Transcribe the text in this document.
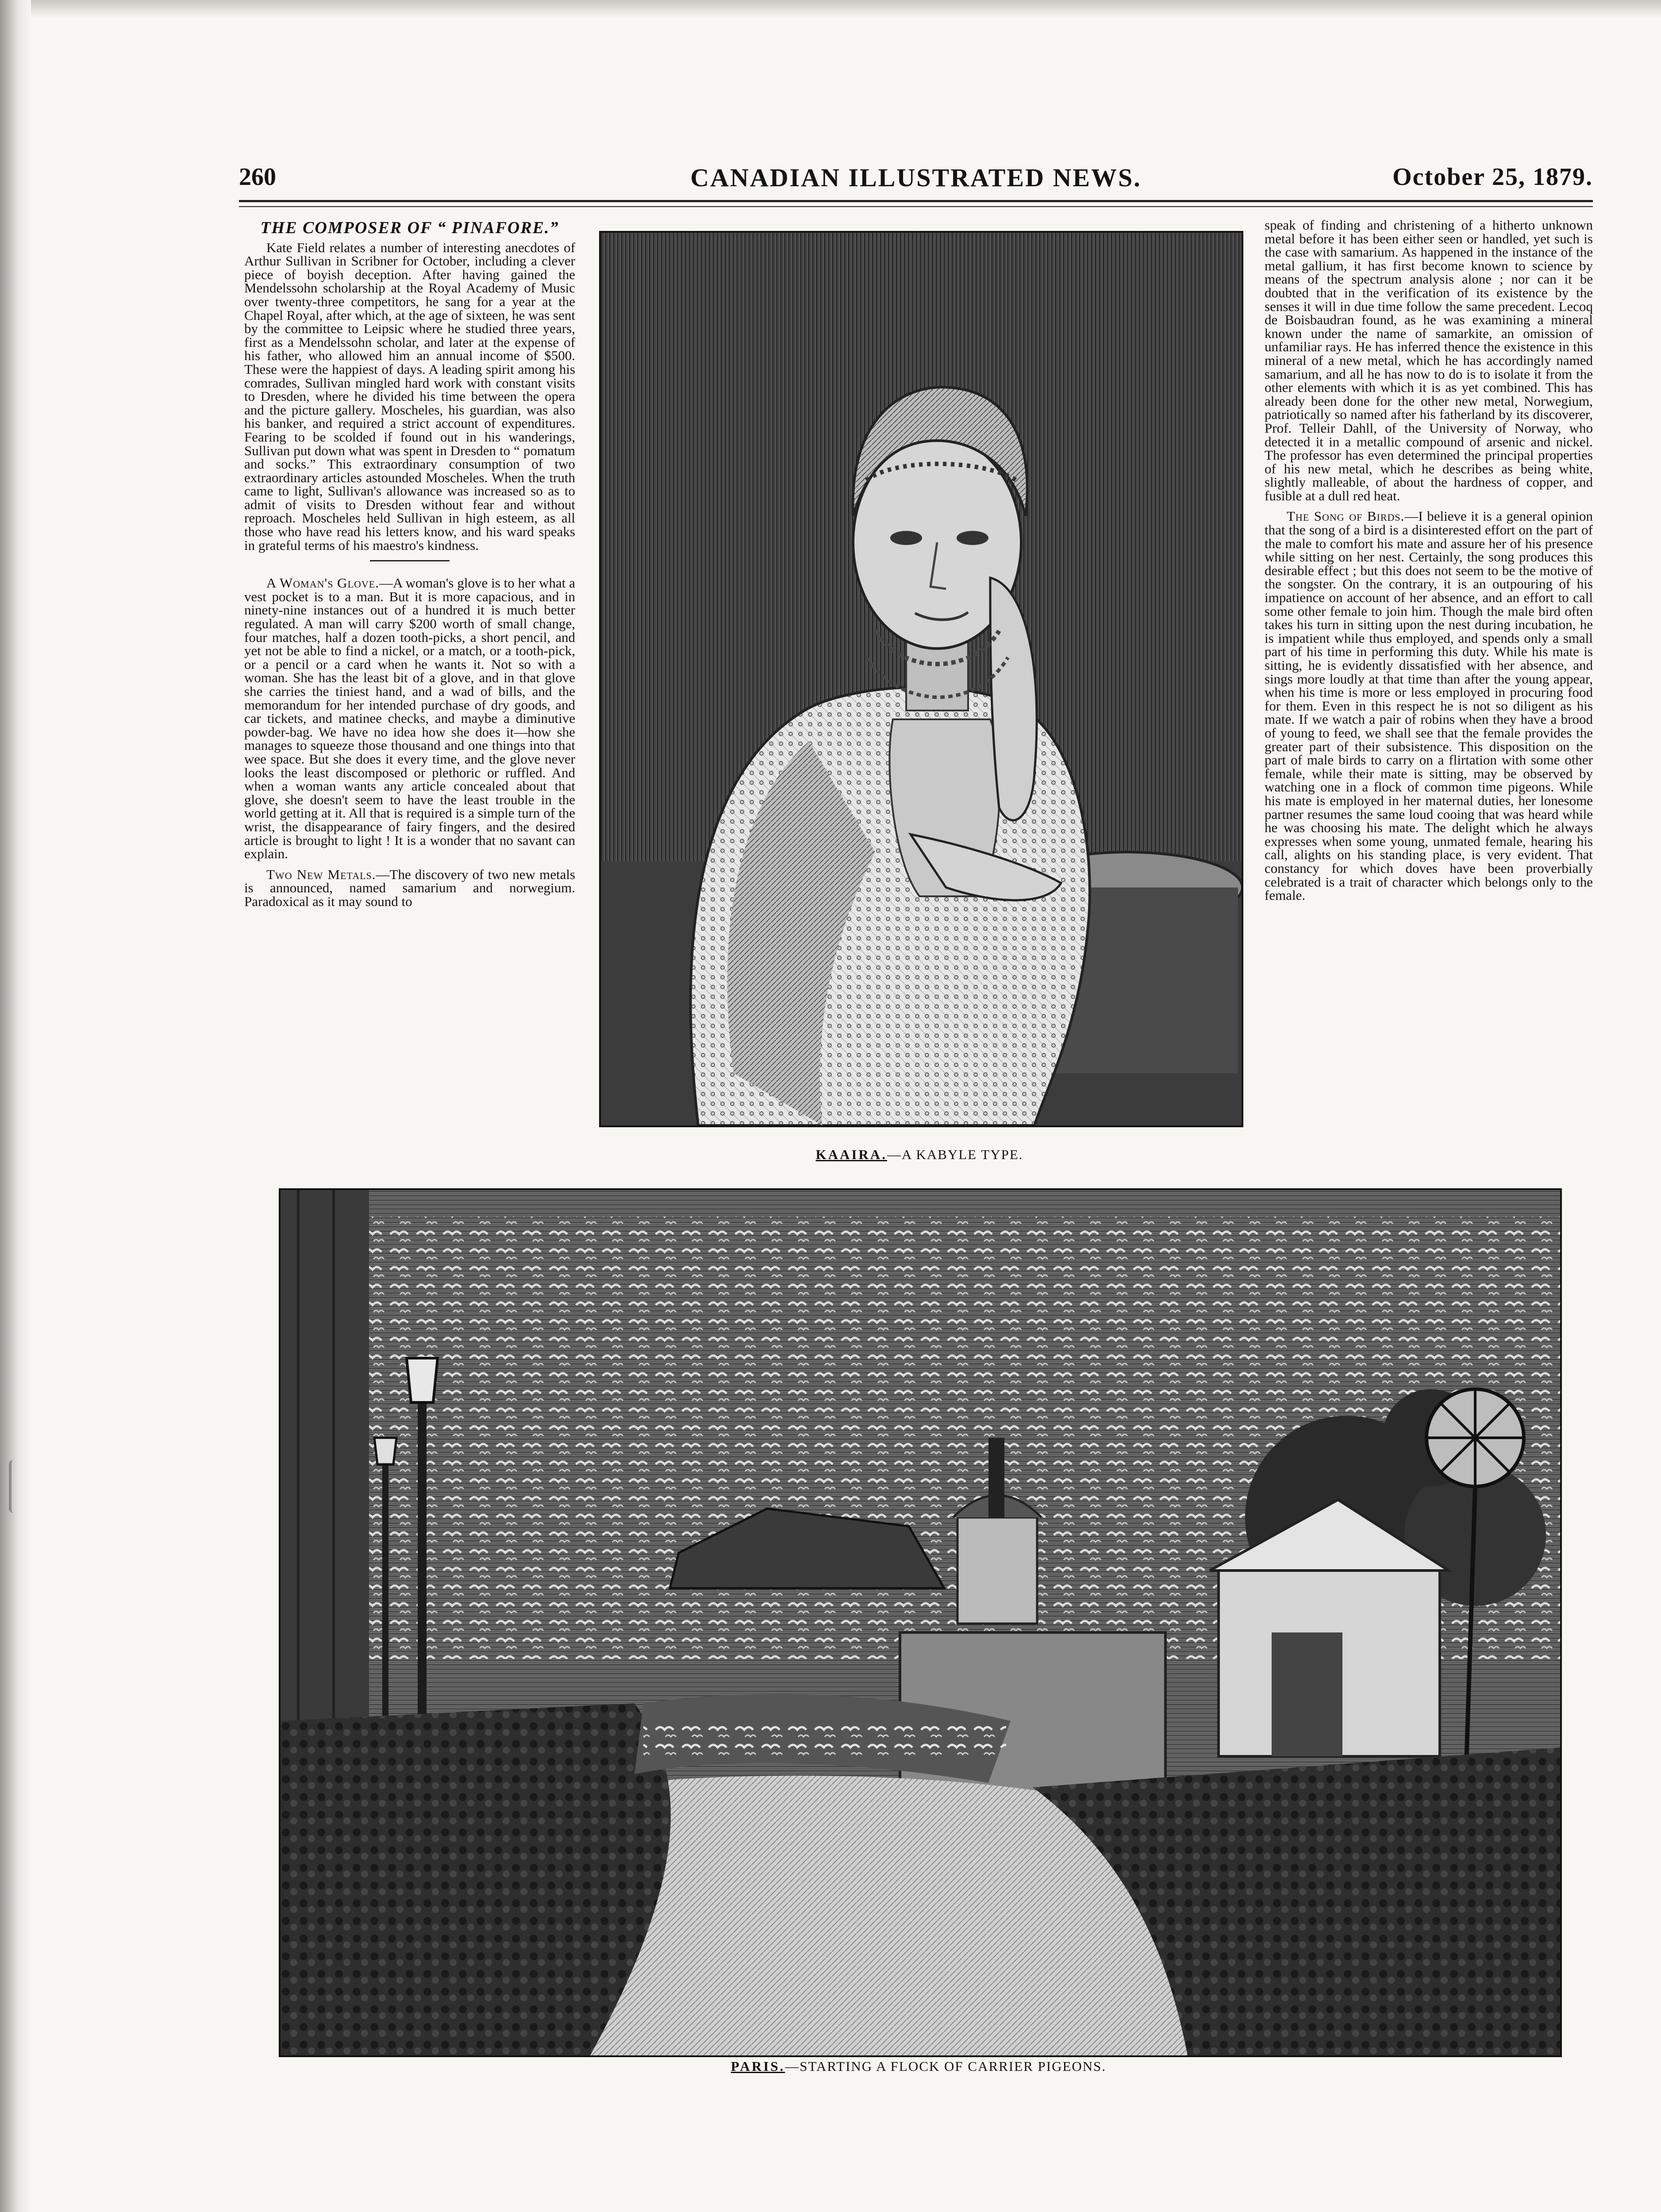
CANADIAN ILLUSTRATED NEWS.
260	October 25, 1879.
THE COMPOSER OF “ PINAFORE.”

Kate Field relates a number of interesting anecdotes of Arthur Sullivan in Scribner for October, including a clever piece of boyish deception. After having gained the Mendelssohn scholarship at the Royal Academy of Music over twenty-three competitors, he sang for a year at the Chapel Royal, after which, at the age of sixteen, he was sent by the committee to Leipsic where he studied three years, first as a Mendelssohn scholar, and later at the expense of his father, who allowed him an annual income of $500. These were the happiest of days. A leading spirit among his comrades, Sullivan mingled hard work with constant visits to Dresden, where he divided his time between the opera and the picture gallery. Moscheles, his guardian, was also his banker, and required a strict account of expenditures. Fearing to be scolded if found out in his wanderings, Sullivan put down what was spent in Dresden to “ pomatum and socks.” This extraordinary consumption of two extraordinary articles astounded Moscheles. When the truth came to light, Sullivan's allowance was increased so as to admit of visits to Dresden without fear and without reproach. Moscheles held Sullivan in high esteem, as all those who have read his letters know, and his ward speaks in grateful terms of his maestro's kindness.

A Woman's Glove.—A woman's glove is to her what a vest pocket is to a man. But it is more capacious, and in ninety-nine instances out of a hundred it is much better regulated. A man will carry $200 worth of small change, four matches, half a dozen tooth-picks, a short pencil, and yet not be able to find a nickel, or a match, or a tooth-pick, or a pencil or a card when he wants it. Not so with a woman. She has the least bit of a glove, and in that glove she carries the tiniest hand, and a wad of bills, and the memorandum for her intended purchase of dry goods, and car tickets, and matinee checks, and maybe a diminutive powder-bag. We have no idea how she does it—how she manages to squeeze those thousand and one things into that wee space. But she does it every time, and the glove never looks the least discomposed or plethoric or ruffled. And when a woman wants any article concealed about that glove, she doesn't seem to have the least trouble in the world getting at it. All that is required is a simple turn of the wrist, the disappearance of fairy fingers, and the desired article is brought to light ! It is a wonder that no savant can explain.

Two New Metals.—The discovery of two new metals is announced, named samarium and norwegium. Paradoxical as it may sound to

KAAIRA.—A KABYLE TYPE.

speak of finding and christening of a hitherto unknown metal before it has been either seen or handled, yet such is the case with samarium. As happened in the instance of the metal gallium, it has first become known to science by means of the spectrum analysis alone ; nor can it be doubted that in the verification of its existence by the senses it will in due time follow the same precedent. Lecoq de Boisbaudran found, as he was examining a mineral known under the name of samarkite, an omission of unfamiliar rays. He has inferred thence the existence in this mineral of a new metal, which he has accordingly named samarium, and all he has now to do is to isolate it from the other elements with which it is as yet combined. This has already been done for the other new metal, Norwegium, patriotically so named after his fatherland by its discoverer, Prof. Telleir Dahll, of the University of Norway, who detected it in a metallic compound of arsenic and nickel. The professor has even determined the principal properties of his new metal, which he describes as being white, slightly malleable, of about the hardness of copper, and fusible at a dull red heat.

The Song of Birds.—I believe it is a general opinion that the song of a bird is a disinterested effort on the part of the male to comfort his mate and assure her of his presence while sitting on her nest. Certainly, the song produces this desirable effect ; but this does not seem to be the motive of the songster. On the contrary, it is an outpouring of his impatience on account of her absence, and an effort to call some other female to join him. Though the male bird often takes his turn in sitting upon the nest during incubation, he is impatient while thus employed, and spends only a small part of his time in performing this duty. While his mate is sitting, he is evidently dissatisfied with her absence, and sings more loudly at that time than after the young appear, when his time is more or less employed in procuring food for them. Even in this respect he is not so diligent as his mate. If we watch a pair of robins when they have a brood of young to feed, we shall see that the female provides the greater part of their subsistence. This disposition on the part of male birds to carry on a flirtation with some other female, while their mate is sitting, may be observed by watching one in a flock of common time pigeons. While his mate is employed in her maternal duties, her lonesome partner resumes the same loud cooing that was heard while he was choosing his mate. The delight which he always expresses when some young, unmated female, hearing his call, alights on his standing place, is very evident. That constancy for which doves have been proverbially celebrated is a trait of character which belongs only to the female.

PARIS.—STARTING A FLOCK OF CARRIER PIGEONS.
